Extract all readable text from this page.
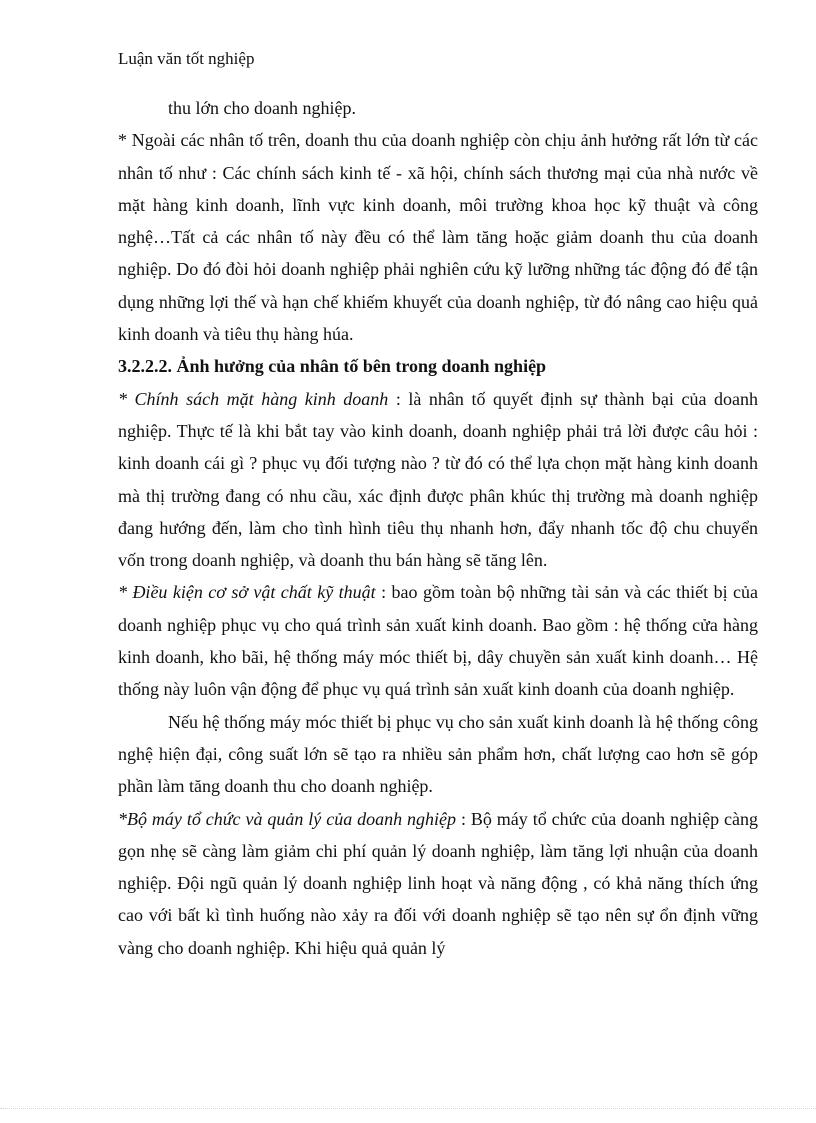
Luận văn tốt nghiệp

thu lớn cho doanh nghiệp.

* Ngoài các nhân tố trên, doanh thu của doanh nghiệp còn chịu ảnh hưởng rất lớn từ các nhân tố như : Các chính sách kinh tế - xã hội, chính sách thương mại của nhà nước về mặt hàng kinh doanh, lĩnh vực kinh doanh, môi trường khoa học kỹ thuật và công nghệ…Tất cả các nhân tố này đều có thể làm tăng hoặc giảm doanh thu của doanh nghiệp. Do đó đòi hỏi doanh nghiệp phải nghiên cứu kỹ lưỡng những tác động đó để tận dụng những lợi thế và hạn chế khiếm khuyết của doanh nghiệp, từ đó nâng cao hiệu quả kinh doanh và tiêu thụ hàng húa.

3.2.2.2. Ảnh hưởng của nhân tố bên trong doanh nghiệp

* Chính sách mặt hàng kinh doanh : là nhân tố quyết định sự thành bại của doanh nghiệp. Thực tế là khi bắt tay vào kinh doanh, doanh nghiệp phải trả lời được câu hỏi : kinh doanh cái gì ? phục vụ đối tượng nào ? từ đó có thể lựa chọn mặt hàng kinh doanh mà thị trường đang có nhu cầu, xác định được phân khúc thị trường mà doanh nghiệp đang hướng đến, làm cho tình hình tiêu thụ nhanh hơn, đẩy nhanh tốc độ chu chuyển vốn trong doanh nghiệp, và doanh thu bán hàng sẽ tăng lên.

* Điều kiện cơ sở vật chất kỹ thuật : bao gồm toàn bộ những tài sản và các thiết bị của doanh nghiệp phục vụ cho quá trình sản xuất kinh doanh. Bao gồm : hệ thống cửa hàng kinh doanh, kho bãi, hệ thống máy móc thiết bị, dây chuyền sản xuất kinh doanh… Hệ thống này luôn vận động để phục vụ quá trình sản xuất kinh doanh của doanh nghiệp.

Nếu hệ thống máy móc thiết bị phục vụ cho sản xuất kinh doanh là hệ thống công nghệ hiện đại, công suất lớn sẽ tạo ra nhiều sản phẩm hơn, chất lượng cao hơn sẽ góp phần làm tăng doanh thu cho doanh nghiệp.

*Bộ máy tổ chức và quản lý của doanh nghiệp : Bộ máy tổ chức của doanh nghiệp càng gọn nhẹ sẽ càng làm giảm chi phí quản lý doanh nghiệp, làm tăng lợi nhuận của doanh nghiệp. Đội ngũ quản lý doanh nghiệp linh hoạt và năng động , có khả năng thích ứng cao với bất kì tình huống nào xảy ra đối với doanh nghiệp sẽ tạo nên sự ổn định vững vàng cho doanh nghiệp. Khi hiệu quả quản lý
